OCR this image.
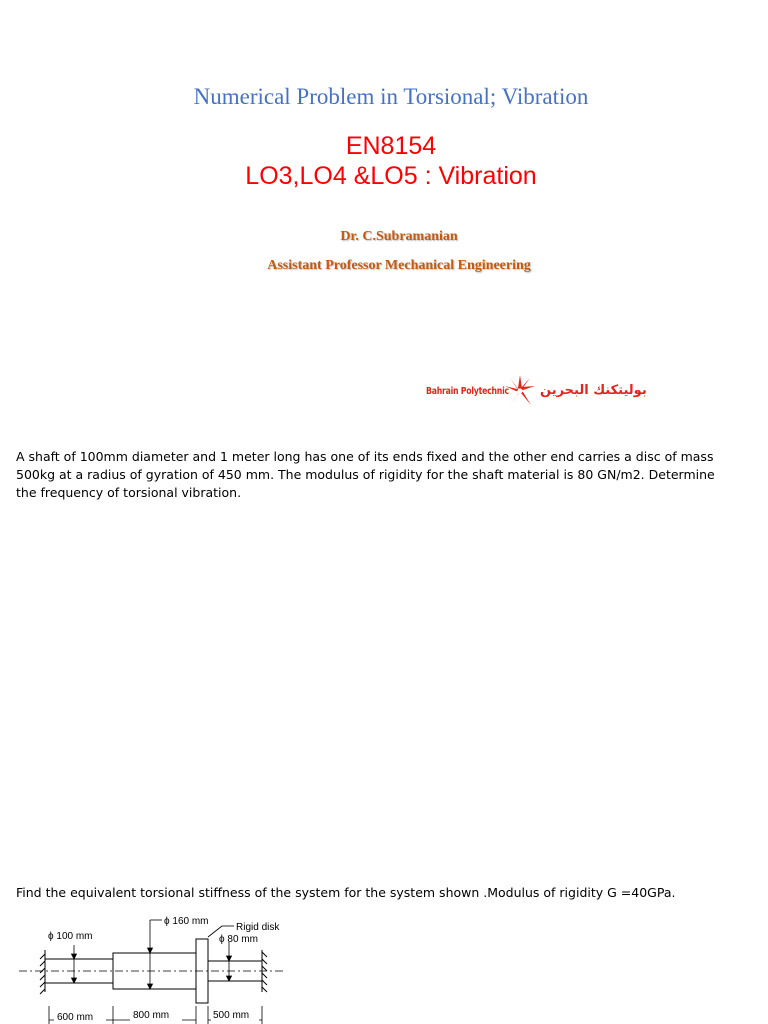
Numerical Problem in Torsional; Vibration
EN8154
LO3,LO4 &LO5 : Vibration
Dr. C.Subramanian
Assistant Professor Mechanical Engineering
Bahrain Polytechnic بوليتكنك البحرين
A shaft of 100mm diameter and 1 meter long has one of its ends fixed and the other end carries a disc of mass 500kg at a radius of gyration of 450 mm. The modulus of rigidity for the shaft material is 80 GN/m2. Determine the frequency of torsional vibration.
Find the equivalent torsional stiffness of the system for the system shown .Modulus of rigidity G =40GPa.
ϕ 100 mm
ϕ 160 mm
Rigid disk
ϕ 80 mm
600 mm	800 mm	500 mm
